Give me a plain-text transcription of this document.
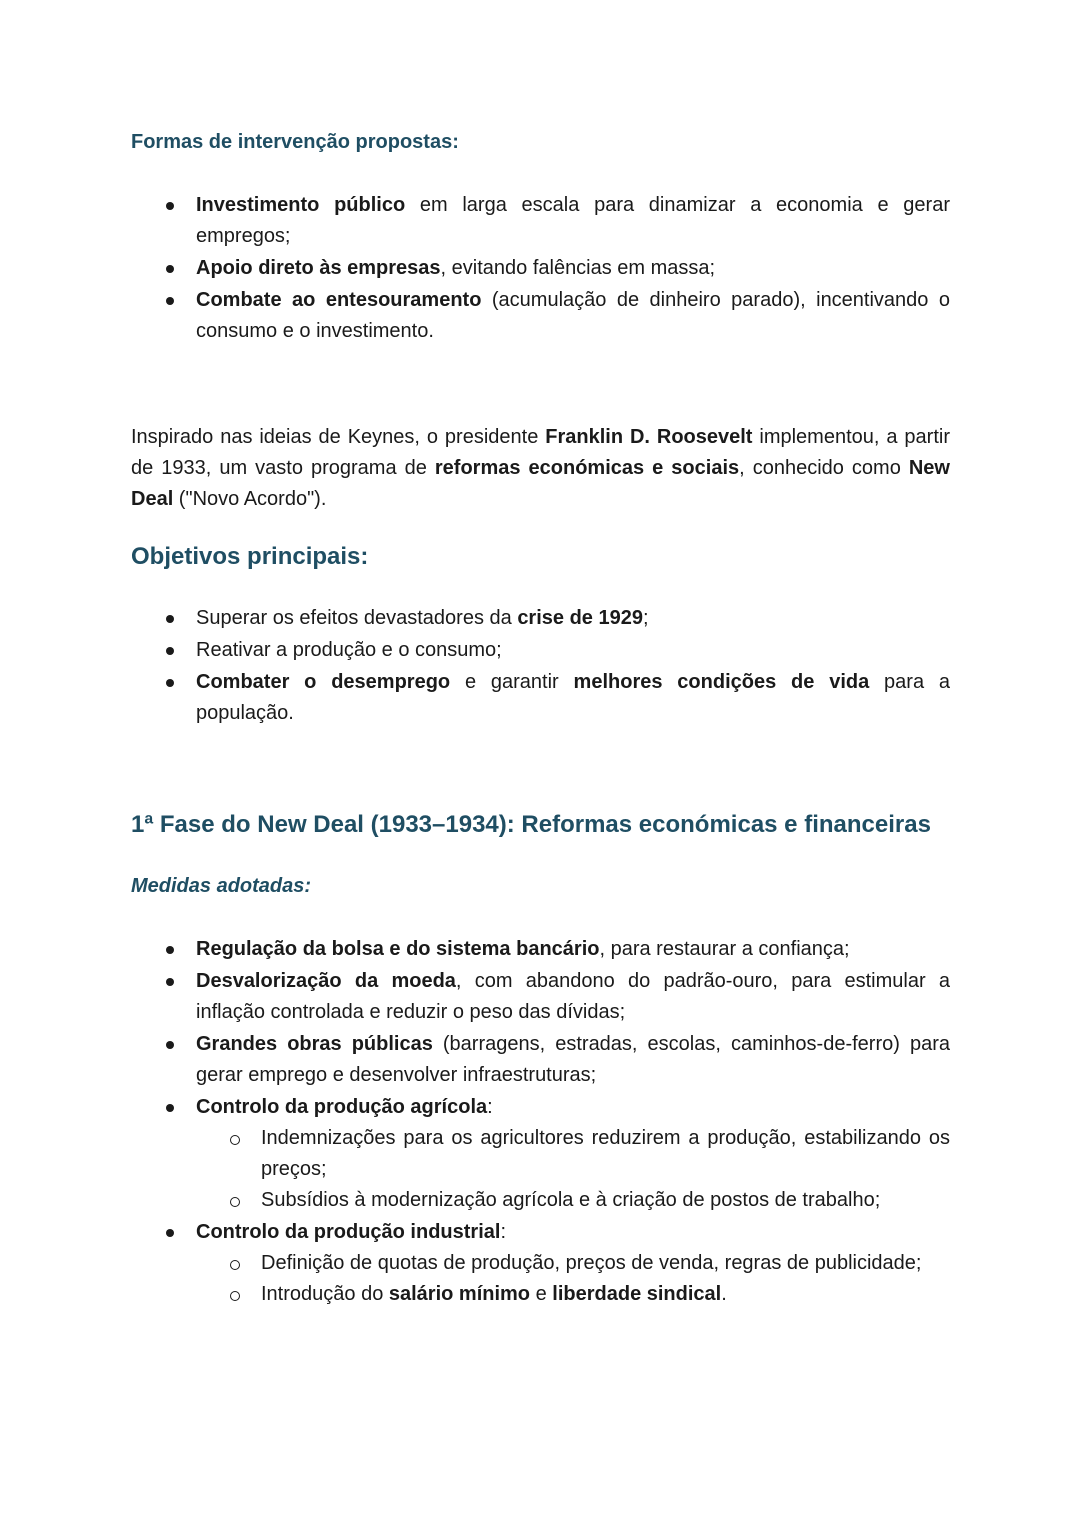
Formas de intervenção propostas:
Investimento público em larga escala para dinamizar a economia e gerar empregos;
Apoio direto às empresas, evitando falências em massa;
Combate ao entesouramento (acumulação de dinheiro parado), incentivando o consumo e o investimento.

Inspirado nas ideias de Keynes, o presidente Franklin D. Roosevelt implementou, a partir de 1933, um vasto programa de reformas económicas e sociais, conhecido como New Deal ("Novo Acordo").

Objetivos principais:
Superar os efeitos devastadores da crise de 1929;
Reativar a produção e o consumo;
Combater o desemprego e garantir melhores condições de vida para a população.
1ª Fase do New Deal (1933–1934): Reformas económicas e financeiras
Medidas adotadas:
Regulação da bolsa e do sistema bancário, para restaurar a confiança;
Desvalorização da moeda, com abandono do padrão-ouro, para estimular a inflação controlada e reduzir o peso das dívidas;
Grandes obras públicas (barragens, estradas, escolas, caminhos-de-ferro) para gerar emprego e desenvolver infraestruturas;
Controlo da produção agrícola:
Indemnizações para os agricultores reduzirem a produção, estabilizando os preços;
Subsídios à modernização agrícola e à criação de postos de trabalho;
Controlo da produção industrial:
Definição de quotas de produção, preços de venda, regras de publicidade;
Introdução do salário mínimo e liberdade sindical.
